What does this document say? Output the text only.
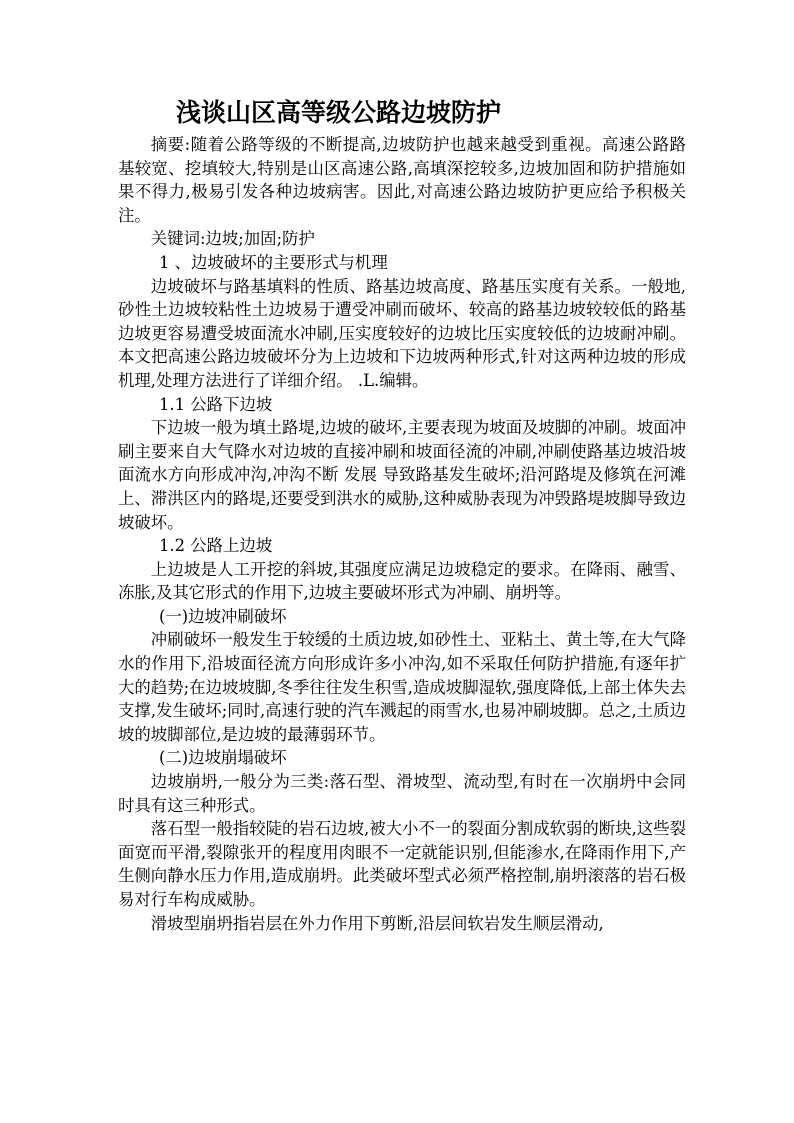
浅谈山区高等级公路边坡防护

摘要:随着公路等级的不断提高,边坡防护也越来越受到重视。高速公路路基较宽、挖填较大,特别是山区高速公路,高填深挖较多,边坡加固和防护措施如果不得力,极易引发各种边坡病害。因此,对高速公路边坡防护更应给予积极关注。

关键词:边坡;加固;防护

1 、边坡破坏的主要形式与机理

边坡破坏与路基填料的性质、路基边坡高度、路基压实度有关系。一般地,砂性土边坡较粘性土边坡易于遭受冲刷而破坏、较高的路基边坡较较低的路基边坡更容易遭受坡面流水冲刷,压实度较好的边坡比压实度较低的边坡耐冲刷。本文把高速公路边坡破坏分为上边坡和下边坡两种形式,针对这两种边坡的形成机理,处理方法进行了详细介绍。 .L.编辑。

1.1 公路下边坡

下边坡一般为填土路堤,边坡的破坏,主要表现为坡面及坡脚的冲刷。坡面冲刷主要来自大气降水对边坡的直接冲刷和坡面径流的冲刷,冲刷使路基边坡沿坡面流水方向形成冲沟,冲沟不断 发展 导致路基发生破坏;沿河路堤及修筑在河滩上、滞洪区内的路堤,还要受到洪水的威胁,这种威胁表现为冲毁路堤坡脚导致边坡破坏。

1.2 公路上边坡

上边坡是人工开挖的斜坡,其强度应满足边坡稳定的要求。在降雨、融雪、冻胀,及其它形式的作用下,边坡主要破坏形式为冲刷、崩坍等。

(一)边坡冲刷破坏

冲刷破坏一般发生于较缓的土质边坡,如砂性土、亚粘土、黄土等,在大气降水的作用下,沿坡面径流方向形成许多小冲沟,如不采取任何防护措施,有逐年扩大的趋势;在边坡坡脚,冬季往往发生积雪,造成坡脚湿软,强度降低,上部土体失去支撑,发生破坏;同时,高速行驶的汽车溅起的雨雪水,也易冲刷坡脚。总之,土质边坡的坡脚部位,是边坡的最薄弱环节。

(二)边坡崩塌破坏

边坡崩坍,一般分为三类:落石型、滑坡型、流动型,有时在一次崩坍中会同时具有这三种形式。

落石型一般指较陡的岩石边坡,被大小不一的裂面分割成软弱的断块,这些裂面宽而平滑,裂隙张开的程度用肉眼不一定就能识别,但能渗水,在降雨作用下,产生侧向静水压力作用,造成崩坍。此类破坏型式必须严格控制,崩坍滚落的岩石极易对行车构成威胁。

滑坡型崩坍指岩层在外力作用下剪断,沿层间软岩发生顺层滑动,
